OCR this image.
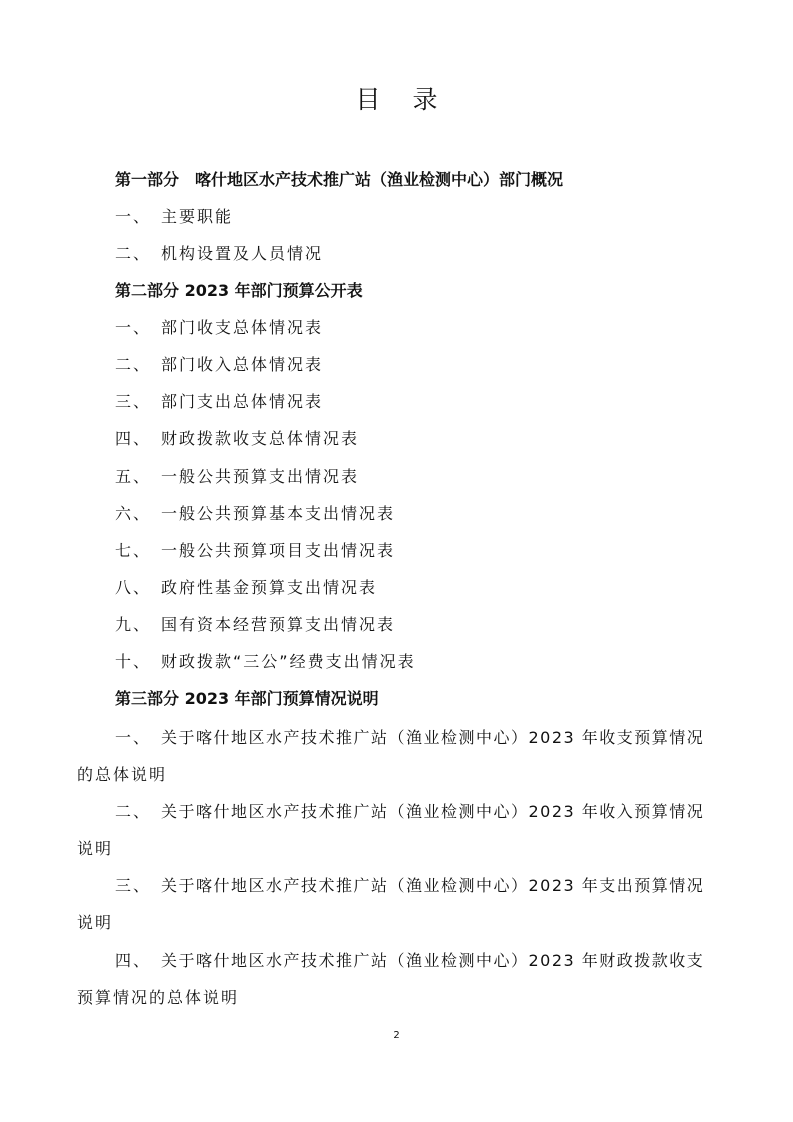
目 录
第一部分　喀什地区水产技术推广站（渔业检测中心）部门概况
一、 主要职能
二、 机构设置及人员情况
第二部分 2023 年部门预算公开表
一、 部门收支总体情况表
二、 部门收入总体情况表
三、 部门支出总体情况表
四、 财政拨款收支总体情况表
五、 一般公共预算支出情况表
六、 一般公共预算基本支出情况表
七、 一般公共预算项目支出情况表
八、 政府性基金预算支出情况表
九、 国有资本经营预算支出情况表
十、 财政拨款“三公”经费支出情况表
第三部分 2023 年部门预算情况说明
一、 关于喀什地区水产技术推广站（渔业检测中心）2023 年收支预算情况
的总体说明
二、 关于喀什地区水产技术推广站（渔业检测中心）2023 年收入预算情况
说明
三、 关于喀什地区水产技术推广站（渔业检测中心）2023 年支出预算情况
说明
四、 关于喀什地区水产技术推广站（渔业检测中心）2023 年财政拨款收支
预算情况的总体说明
2
